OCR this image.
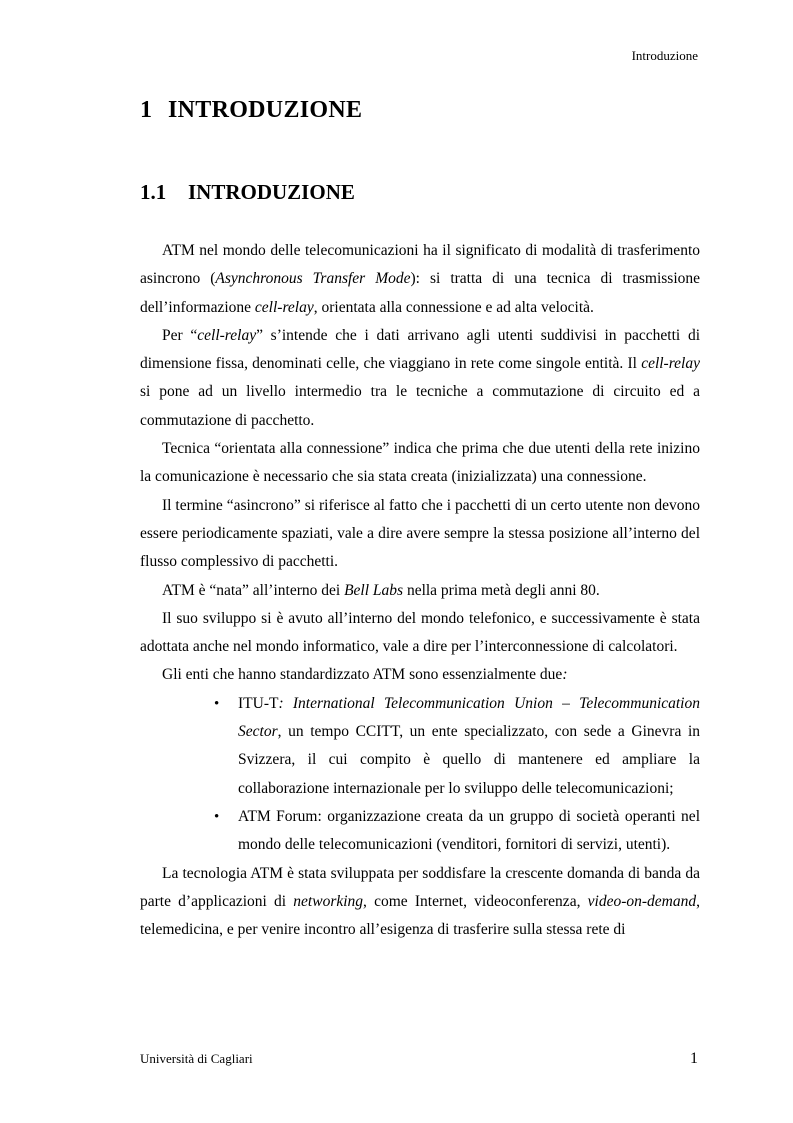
Introduzione
1 INTRODUZIONE
1.1 INTRODUZIONE

ATM nel mondo delle telecomunicazioni ha il significato di modalità di trasferimento asincrono (Asynchronous Transfer Mode): si tratta di una tecnica di trasmissione dell’informazione cell-relay, orientata alla connessione e ad alta velocità.

Per “cell-relay” s’intende che i dati arrivano agli utenti suddivisi in pacchetti di dimensione fissa, denominati celle, che viaggiano in rete come singole entità. Il cell-relay si pone ad un livello intermedio tra le tecniche a commutazione di circuito ed a commutazione di pacchetto.

Tecnica “orientata alla connessione” indica che prima che due utenti della rete inizino la comunicazione è necessario che sia stata creata (inizializzata) una connessione.

Il termine “asincrono” si riferisce al fatto che i pacchetti di un certo utente non devono essere periodicamente spaziati, vale a dire avere sempre la stessa posizione all’interno del flusso complessivo di pacchetti.

ATM è “nata” all’interno dei Bell Labs nella prima metà degli anni 80.

Il suo sviluppo si è avuto all’interno del mondo telefonico, e successivamente è stata adottata anche nel mondo informatico, vale a dire per l’interconnessione di calcolatori.

Gli enti che hanno standardizzato ATM sono essenzialmente due:

• ITU-T: International Telecommunication Union – Telecommunication Sector, un tempo CCITT, un ente specializzato, con sede a Ginevra in Svizzera, il cui compito è quello di mantenere ed ampliare la collaborazione internazionale per lo sviluppo delle telecomunicazioni;
• ATM Forum: organizzazione creata da un gruppo di società operanti nel mondo delle telecomunicazioni (venditori, fornitori di servizi, utenti).

La tecnologia ATM è stata sviluppata per soddisfare la crescente domanda di banda da parte d’applicazioni di networking, come Internet, videoconferenza, video-on-demand, telemedicina, e per venire incontro all’esigenza di trasferire sulla stessa rete di

Università di Cagliari	1
